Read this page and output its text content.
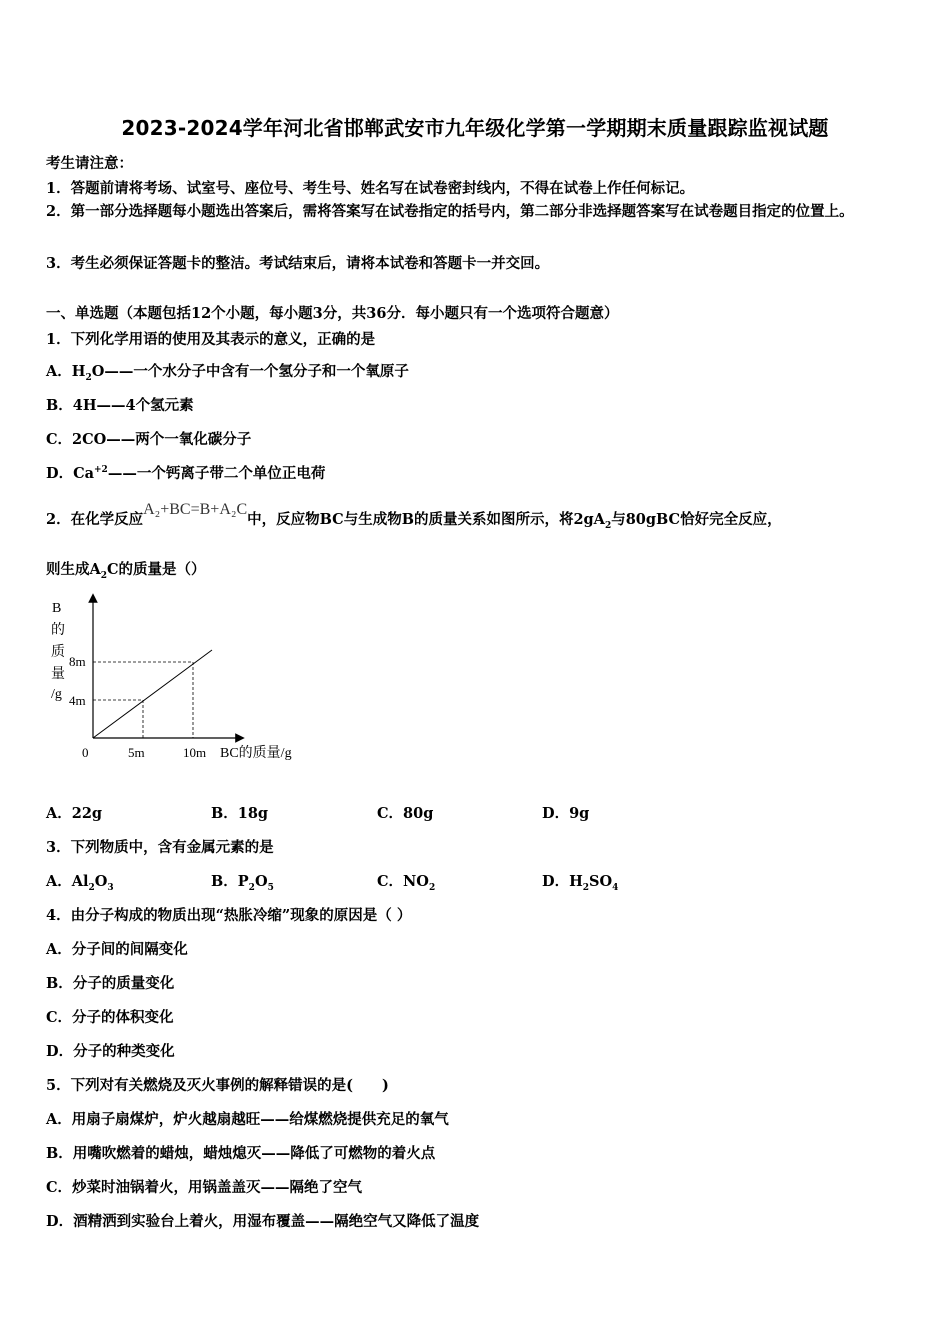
2023-2024学年河北省邯郸武安市九年级化学第一学期期末质量跟踪监视试题
考生请注意：
1．答题前请将考场、试室号、座位号、考生号、姓名写在试卷密封线内，不得在试卷上作任何标记。
2．第一部分选择题每小题选出答案后，需将答案写在试卷指定的括号内，第二部分非选择题答案写在试卷题目指定的位置上。
3．考生必须保证答题卡的整洁。考试结束后，请将本试卷和答题卡一并交回。
一、单选题（本题包括12个小题，每小题3分，共36分．每小题只有一个选项符合题意）
1．下列化学用语的使用及其表示的意义，正确的是
A．$H_2O——$一个水分子中含有一个氢分子和一个氧原子
B．4H——4个氢元素
C．2CO——两个一氧化碳分子
D．$Ca^{+2}——$一个钙离子带二个单位正电荷
2．在化学反应A₂+BC=B+A₂C中，反应物BC与生成物B的质量关系如图所示，将$2gA_2$与80gBC恰好完全反应，
则生成$A_2C$的质量是（）
B
的
质
量
/g
8m
4m
0	5m	10m BC的质量/g
A．22g	B．18g	C．80g	D．9g
3．下列物质中，含有金属元素的是
A．$Al_2O_3$	B．$P_2O_5$	C．$NO_2$	D．$H_2SO_4$
4．由分子构成的物质出现“热胀冷缩”现象的原因是（ ）
A．分子间的间隔变化
B．分子的质量变化
C．分子的体积变化
D．分子的种类变化
5．下列对有关燃烧及灭火事例的解释错误的是(　　)
A．用扇子扇煤炉，炉火越扇越旺——给煤燃烧提供充足的氧气
B．用嘴吹燃着的蜡烛，蜡烛熄灭——降低了可燃物的着火点
C．炒菜时油锅着火，用锅盖盖灭——隔绝了空气
D．酒精洒到实验台上着火，用湿布覆盖——隔绝空气又降低了温度
